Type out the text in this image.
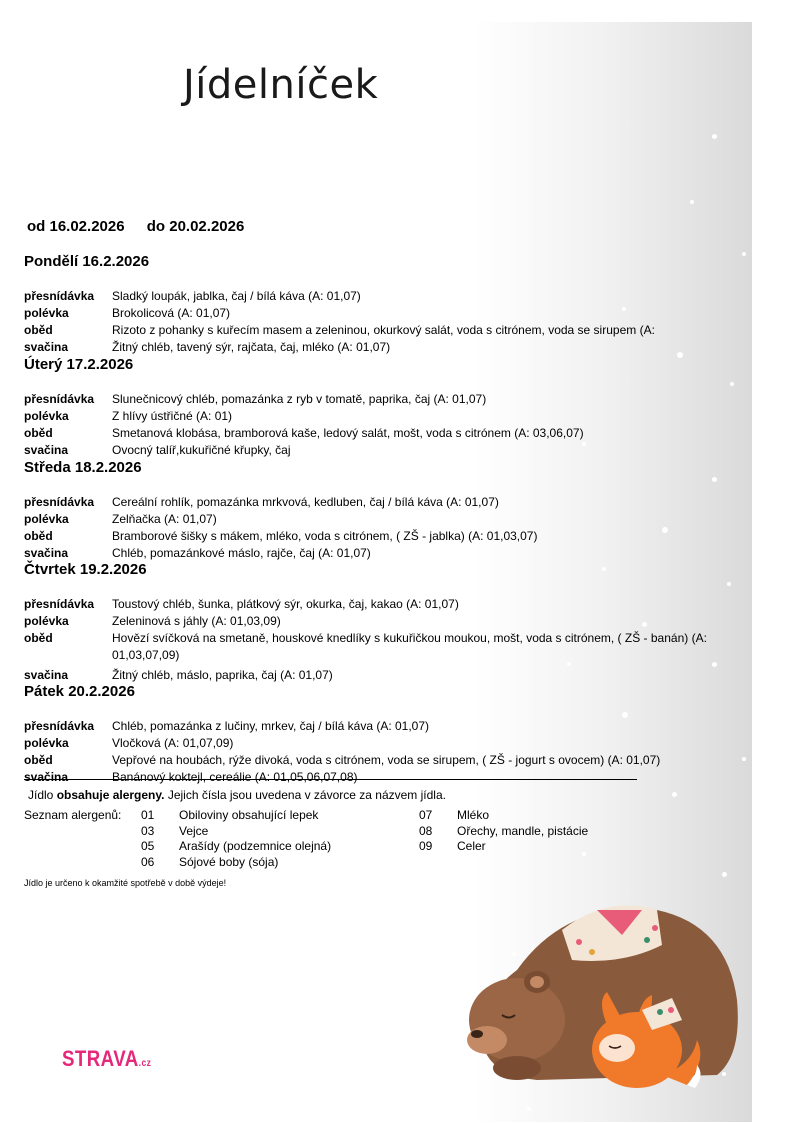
Jídelníček
od 16.02.2026 do 20.02.2026
Pondělí 16.2.2026
přesnídávka	Sladký loupák, jablka, čaj / bílá káva (A: 01,07)
polévka	Brokolicová (A: 01,07)
oběd	Rizoto z pohanky s kuřecím masem a zeleninou, okurkový salát, voda s citrónem, voda se sirupem (A:
svačina	Žitný chléb, tavený sýr, rajčata, čaj, mléko (A: 01,07)
Úterý 17.2.2026
přesnídávka	Slunečnicový chléb, pomazánka z ryb v tomatě, paprika, čaj (A: 01,07)
polévka	Z hlívy ústřičné (A: 01)
oběd	Smetanová klobása, bramborová kaše, ledový salát, mošt, voda s citrónem (A: 03,06,07)
svačina	Ovocný talíř,kukuřičné křupky, čaj
Středa 18.2.2026
přesnídávka	Cereální rohlík, pomazánka mrkvová, kedluben, čaj / bílá káva (A: 01,07)
polévka	Zelňačka (A: 01,07)
oběd	Bramborové šišky s mákem, mléko, voda s citrónem, ( ZŠ - jablka) (A: 01,03,07)
svačina	Chléb, pomazánkové máslo, rajče, čaj (A: 01,07)
Čtvrtek 19.2.2026
přesnídávka	Toustový chléb, šunka, plátkový sýr, okurka, čaj, kakao (A: 01,07)
polévka	Zeleninová s jáhly (A: 01,03,09)
oběd	Hovězí svíčková na smetaně, houskové knedlíky s kukuřičkou moukou, mošt, voda s citrónem, ( ZŠ - banán) (A: 01,03,07,09)
svačina	Žitný chléb, máslo, paprika, čaj (A: 01,07)
Pátek 20.2.2026
přesnídávka	Chléb, pomazánka z lučiny, mrkev, čaj / bílá káva (A: 01,07)
polévka	Vločková (A: 01,07,09)
oběd	Vepřové na houbách, rýže divoká, voda s citrónem, voda se sirupem, ( ZŠ - jogurt s ovocem) (A: 01,07)
svačina	Banánový koktejl, cereálie (A: 01,05,06,07,08)
Jídlo obsahuje alergeny. Jejich čísla jsou uvedena v závorce za názvem jídla.
Seznam alergenů: 01	Obiloviny obsahující lepek
03	Vejce
05	Arašídy (podzemnice olejná)
06	Sójové boby (sója)
07	Mléko
08	Ořechy, mandle, pistácie
09	Celer
Jídlo je určeno k okamžité spotřebě v době výdeje!
STRAVA.cz
